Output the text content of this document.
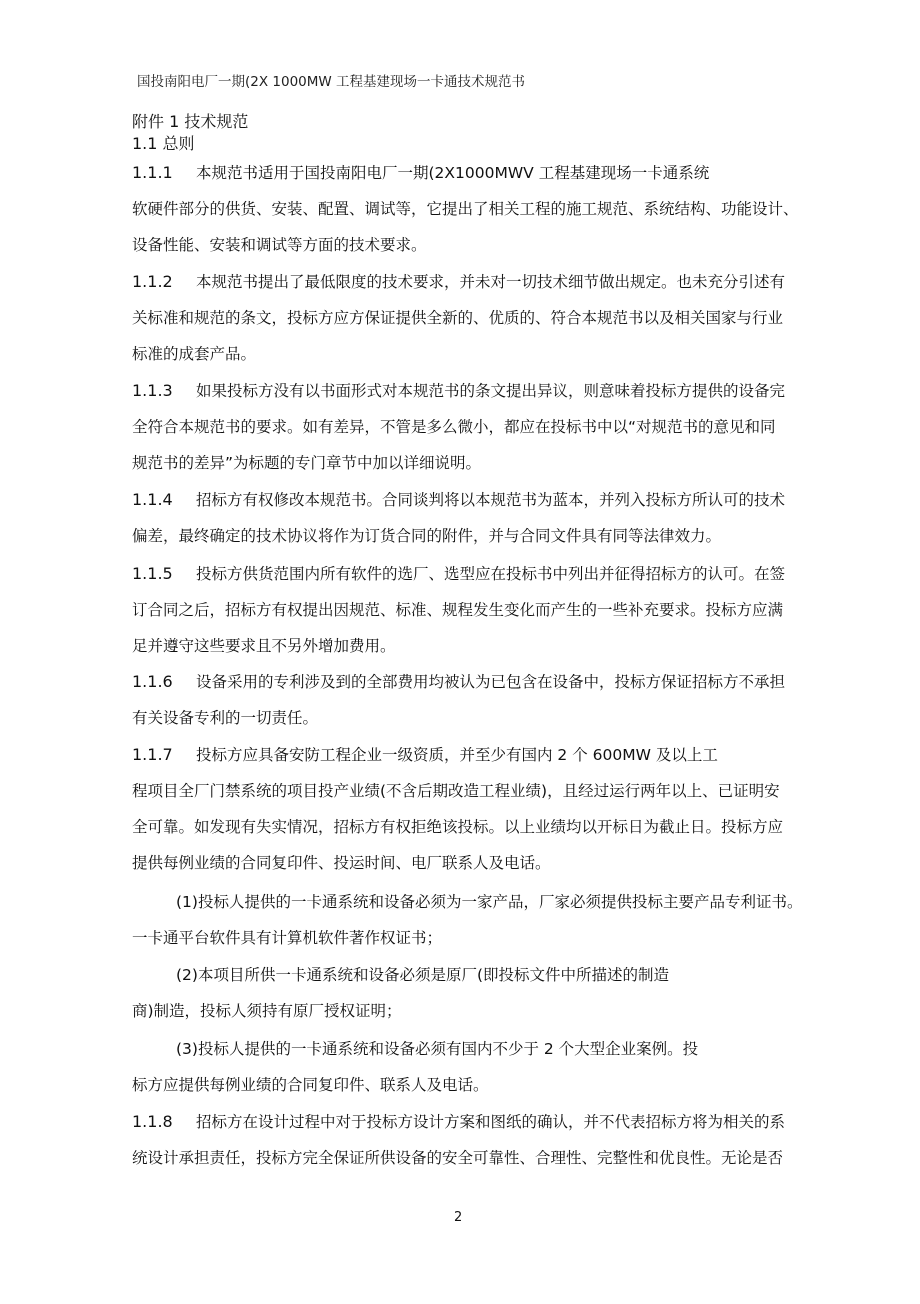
国投南阳电厂一期(2X 1000MW 工程基建现场一卡通技术规范书
附件 1 技术规范
1.1 总则
1.1.1 本规范书适用于国投南阳电厂一期(2X1000MWV 工程基建现场一卡通系统
软硬件部分的供货、安装、配置、调试等，它提出了相关工程的施工规范、系统结构、功能设计、
设备性能、安装和调试等方面的技术要求。
1.1.2 本规范书提出了最低限度的技术要求，并未对一切技术细节做出规定。也未充分引述有
关标准和规范的条文，投标方应方保证提供全新的、优质的、符合本规范书以及相关国家与行业
标准的成套产品。
1.1.3 如果投标方没有以书面形式对本规范书的条文提出异议，则意味着投标方提供的设备完
全符合本规范书的要求。如有差异，不管是多么微小，都应在投标书中以“对规范书的意见和同
规范书的差异”为标题的专门章节中加以详细说明。
1.1.4 招标方有权修改本规范书。合同谈判将以本规范书为蓝本，并列入投标方所认可的技术
偏差，最终确定的技术协议将作为订货合同的附件，并与合同文件具有同等法律效力。
1.1.5 投标方供货范围内所有软件的选厂、选型应在投标书中列出并征得招标方的认可。在签
订合同之后，招标方有权提出因规范、标准、规程发生变化而产生的一些补充要求。投标方应满
足并遵守这些要求且不另外增加费用。
1.1.6 设备采用的专利涉及到的全部费用均被认为已包含在设备中，投标方保证招标方不承担
有关设备专利的一切责任。
1.1.7 投标方应具备安防工程企业一级资质，并至少有国内 2 个 600MW 及以上工
程项目全厂门禁系统的项目投产业绩(不含后期改造工程业绩)，且经过运行两年以上、已证明安
全可靠。如发现有失实情况，招标方有权拒绝该投标。以上业绩均以开标日为截止日。投标方应
提供每例业绩的合同复印件、投运时间、电厂联系人及电话。
(1)投标人提供的一卡通系统和设备必须为一家产品，厂家必须提供投标主要产品专利证书。
一卡通平台软件具有计算机软件著作权证书；
(2)本项目所供一卡通系统和设备必须是原厂(即投标文件中所描述的制造
商)制造，投标人须持有原厂授权证明；
(3)投标人提供的一卡通系统和设备必须有国内不少于 2 个大型企业案例。投
标方应提供每例业绩的合同复印件、联系人及电话。
1.1.8 招标方在设计过程中对于投标方设计方案和图纸的确认，并不代表招标方将为相关的系
统设计承担责任，投标方完全保证所供设备的安全可靠性、合理性、完整性和优良性。无论是否
2
